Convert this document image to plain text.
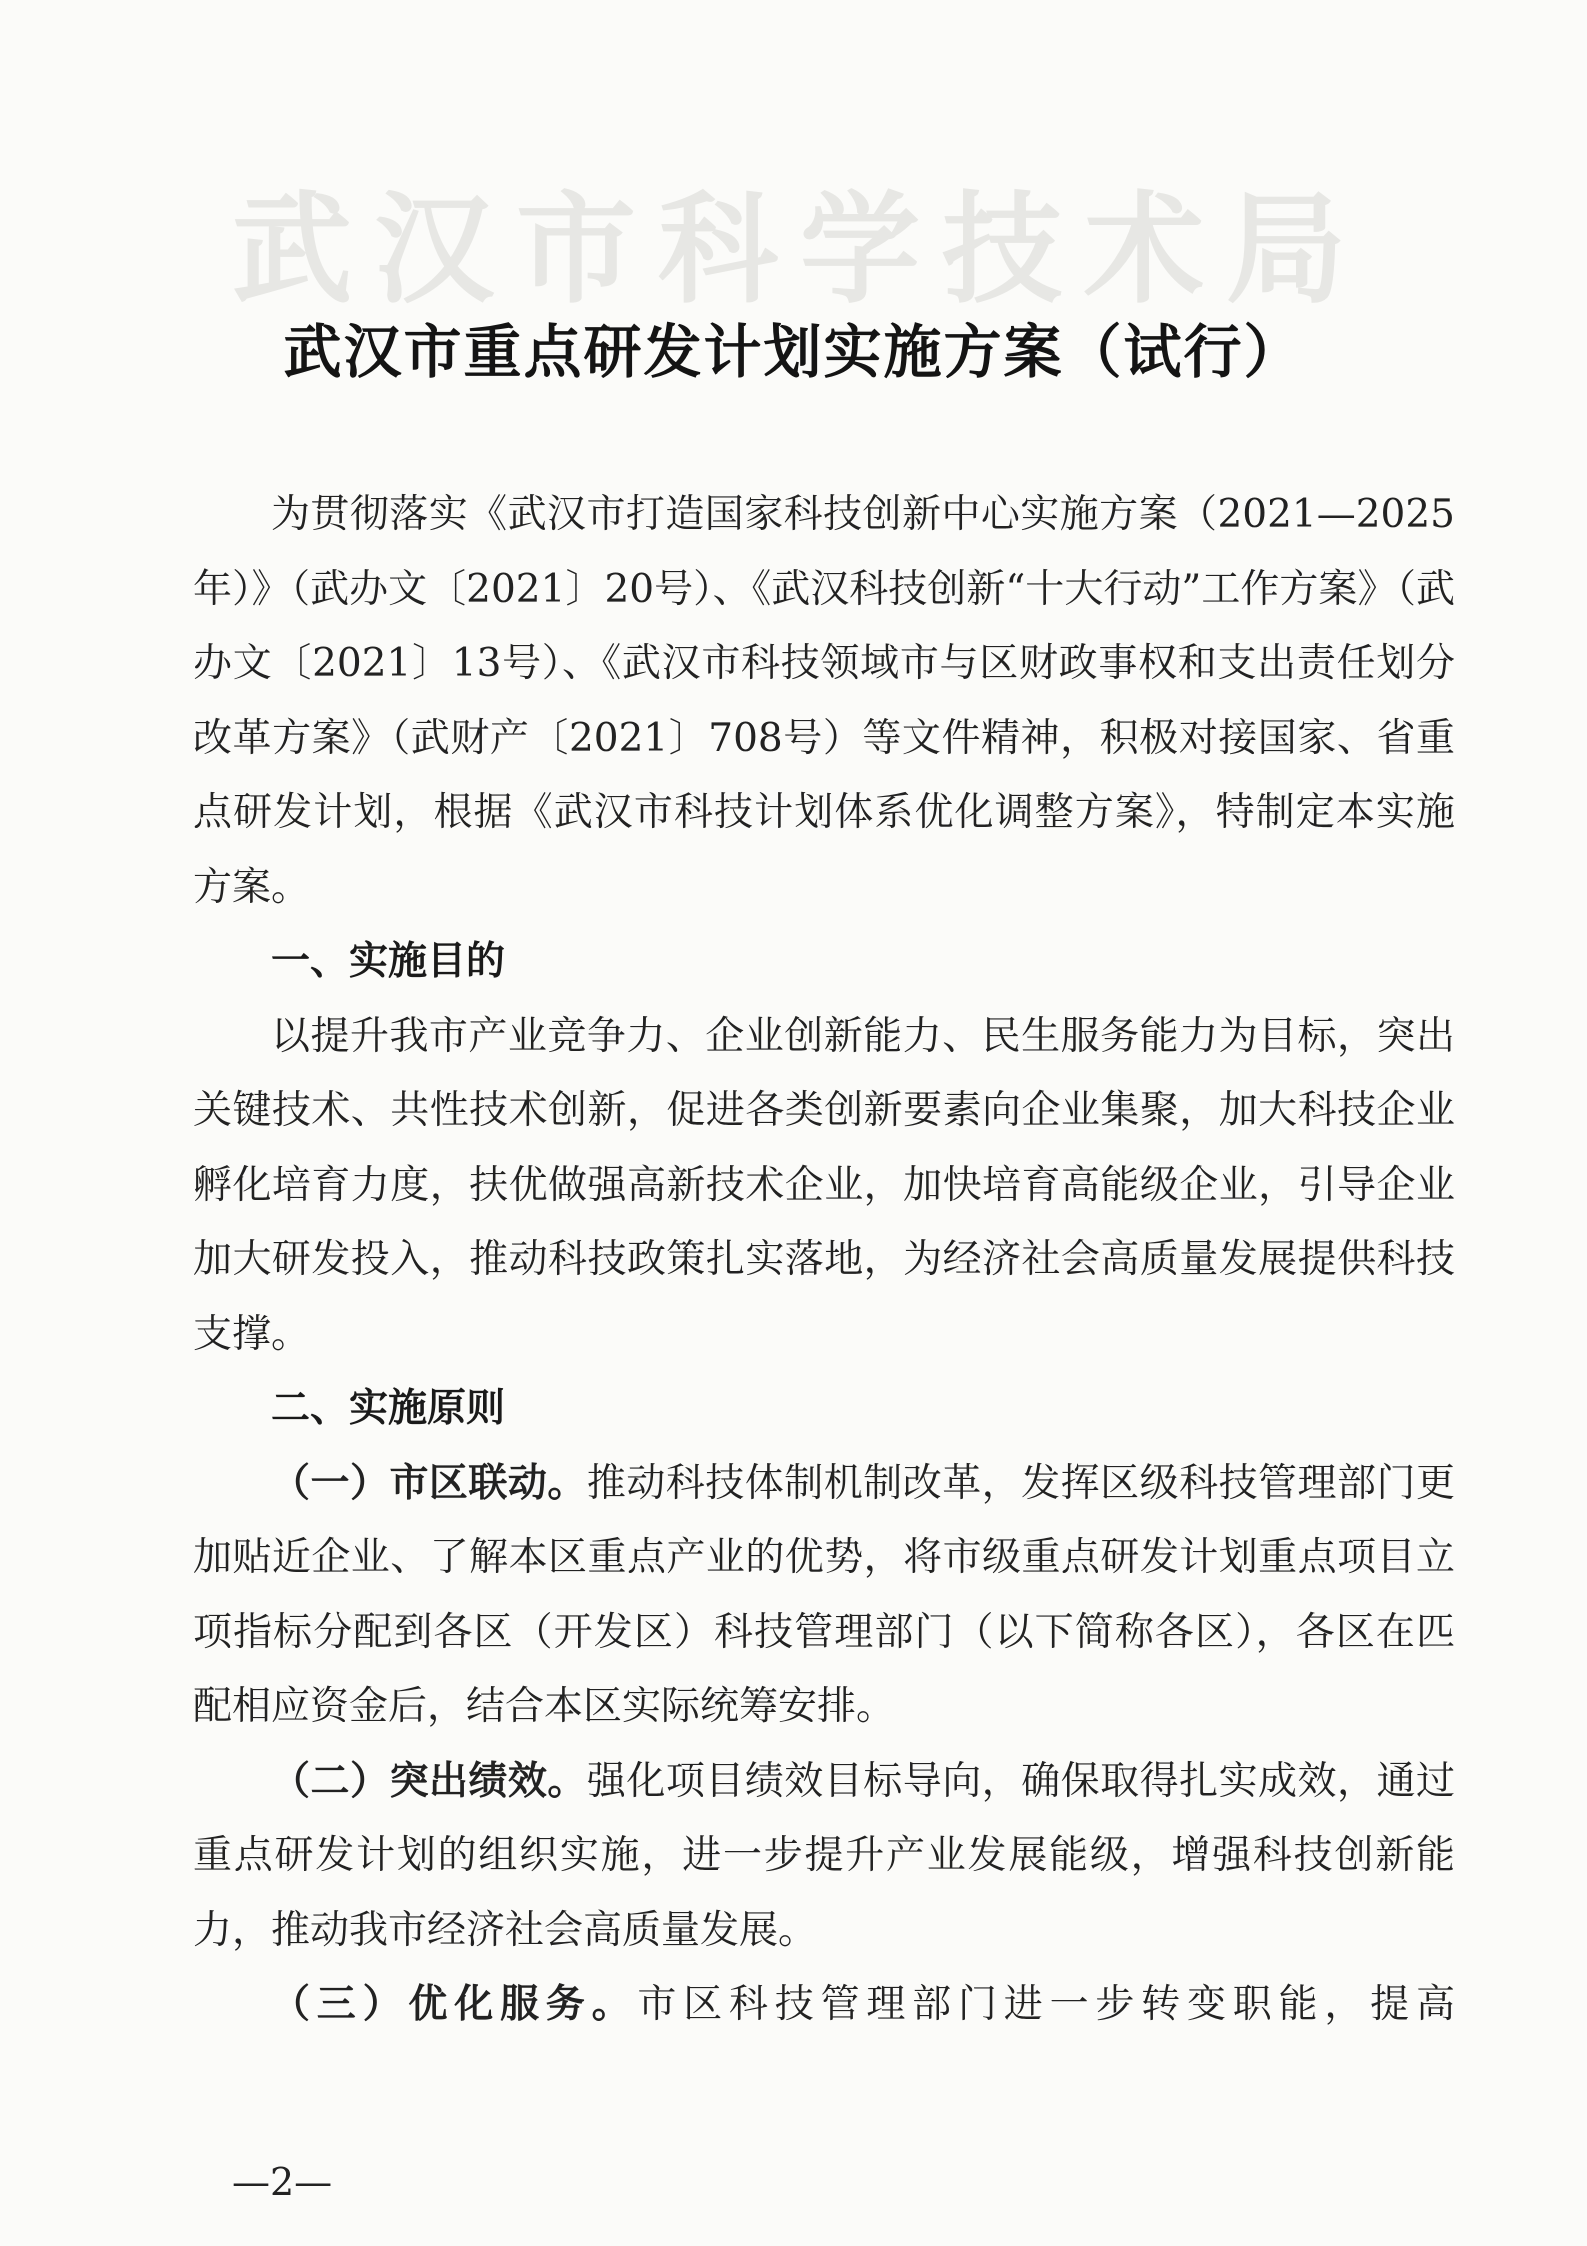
武汉市科学技术局
武汉市重点研发计划实施方案（试行）

为贯彻落实《武汉市打造国家科技创新中心实施方案（2021—2025年）》（武办文〔2021〕20号）、《武汉科技创新“十大行动”工作方案》（武办文〔2021〕13号）、《武汉市科技领域市与区财政事权和支出责任划分改革方案》（武财产〔2021〕708号）等文件精神，积极对接国家、省重点研发计划，根据《武汉市科技计划体系优化调整方案》，特制定本实施方案。

一、实施目的

以提升我市产业竞争力、企业创新能力、民生服务能力为目标，突出关键技术、共性技术创新，促进各类创新要素向企业集聚，加大科技企业孵化培育力度，扶优做强高新技术企业，加快培育高能级企业，引导企业加大研发投入，推动科技政策扎实落地，为经济社会高质量发展提供科技支撑。

二、实施原则

（一）市区联动。推动科技体制机制改革，发挥区级科技管理部门更加贴近企业、了解本区重点产业的优势，将市级重点研发计划重点项目立项指标分配到各区（开发区）科技管理部门（以下简称各区），各区在匹配相应资金后，结合本区实际统筹安排。

（二）突出绩效。强化项目绩效目标导向，确保取得扎实成效，通过重点研发计划的组织实施，进一步提升产业发展能级，增强科技创新能力，推动我市经济社会高质量发展。

（三）优化服务。市区科技管理部门进一步转变职能，提高

—2—
